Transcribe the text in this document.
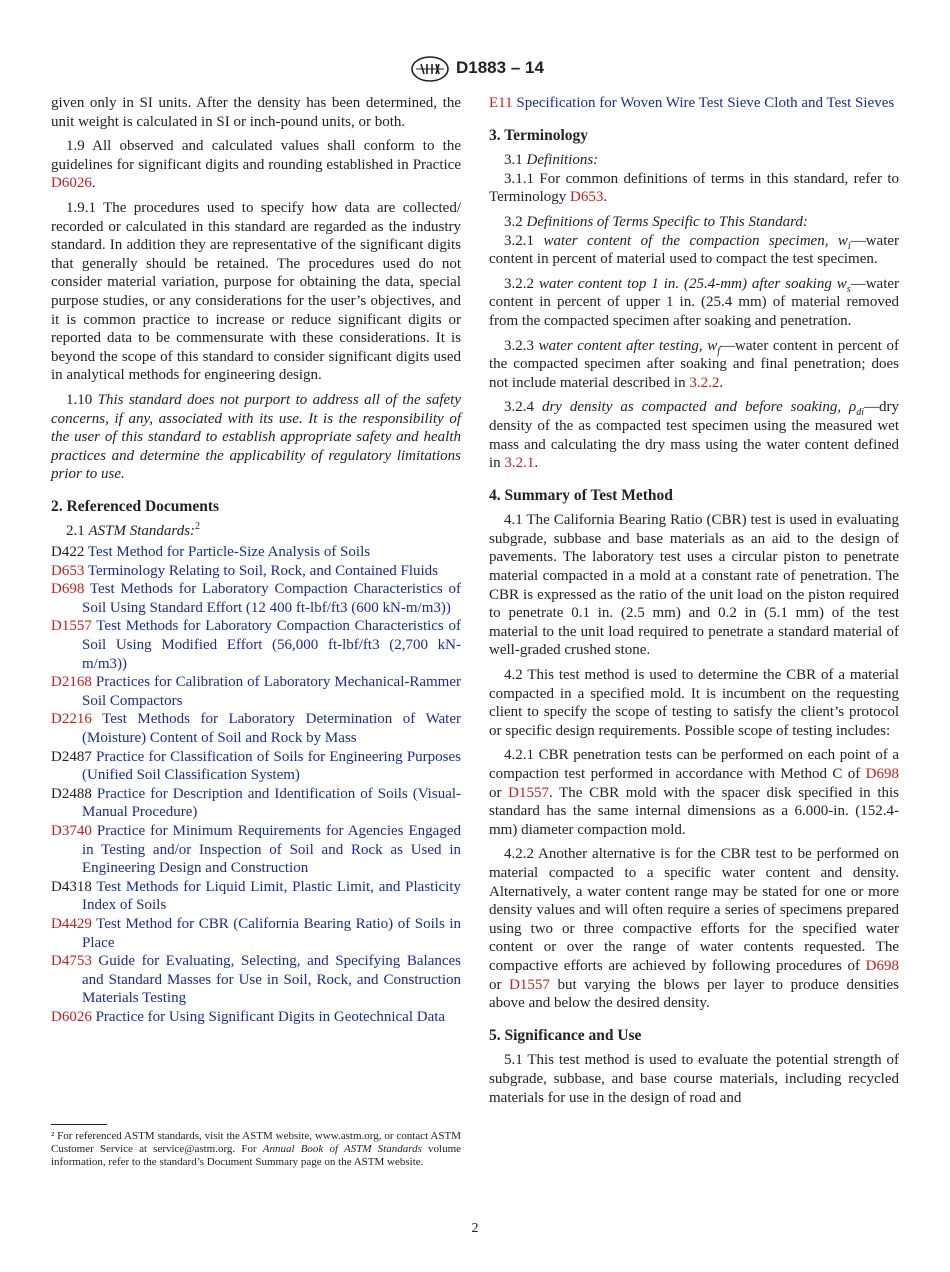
D1883 – 14

given only in SI units. After the density has been determined, the unit weight is calculated in SI or inch-pound units, or both.

1.9 All observed and calculated values shall conform to the guidelines for significant digits and rounding established in Practice D6026.

1.9.1 The procedures used to specify how data are collected/ recorded or calculated in this standard are regarded as the industry standard. In addition they are representative of the significant digits that generally should be retained. The procedures used do not consider material variation, purpose for obtaining the data, special purpose studies, or any considerations for the user’s objectives, and it is common practice to increase or reduce significant digits or reported data to be commensurate with these considerations. It is beyond the scope of this standard to consider significant digits used in analytical methods for engineering design.

1.10 This standard does not purport to address all of the safety concerns, if any, associated with its use. It is the responsibility of the user of this standard to establish appropriate safety and health practices and determine the applicability of regulatory limitations prior to use.

2. Referenced Documents

2.1 ASTM Standards:$^2$

D422 Test Method for Particle-Size Analysis of Soils

D653 Terminology Relating to Soil, Rock, and Contained Fluids

D698 Test Methods for Laboratory Compaction Characteristics of Soil Using Standard Effort (12 400 ft-lbf/ft3 (600 kN-m/m3))

D1557 Test Methods for Laboratory Compaction Characteristics of Soil Using Modified Effort (56,000 ft-lbf/ft3 (2,700 kN-m/m3))

D2168 Practices for Calibration of Laboratory Mechanical-Rammer Soil Compactors

D2216 Test Methods for Laboratory Determination of Water (Moisture) Content of Soil and Rock by Mass

D2487 Practice for Classification of Soils for Engineering Purposes (Unified Soil Classification System)

D2488 Practice for Description and Identification of Soils (Visual-Manual Procedure)

D3740 Practice for Minimum Requirements for Agencies Engaged in Testing and/or Inspection of Soil and Rock as Used in Engineering Design and Construction

D4318 Test Methods for Liquid Limit, Plastic Limit, and Plasticity Index of Soils

D4429 Test Method for CBR (California Bearing Ratio) of Soils in Place

D4753 Guide for Evaluating, Selecting, and Specifying Balances and Standard Masses for Use in Soil, Rock, and Construction Materials Testing

D6026 Practice for Using Significant Digits in Geotechnical Data

² For referenced ASTM standards, visit the ASTM website, www.astm.org, or contact ASTM Customer Service at service@astm.org. For Annual Book of ASTM Standards volume information, refer to the standard’s Document Summary page on the ASTM website.

E11 Specification for Woven Wire Test Sieve Cloth and Test Sieves

3. Terminology

3.1 Definitions:

3.1.1 For common definitions of terms in this standard, refer to Terminology D653.

3.2 Definitions of Terms Specific to This Standard:

3.2.1 water content of the compaction specimen, $w_i—water$ content in percent of material used to compact the test specimen.

3.2.2 water content top 1 in. (25.4-mm) after soaking $w_s—water$ content in percent of upper 1 in. (25.4 mm) of material removed from the compacted specimen after soaking and penetration.

3.2.3 water content after testing, $w_f—water$ content in percent of the compacted specimen after soaking and final penetration; does not include material described in 3.2.2.

3.2.4 dry density as compacted and before soaking, $\rho_{di}—dry$ density of the as compacted test specimen using the measured wet mass and calculating the dry mass using the water content defined in 3.2.1.

4. Summary of Test Method

4.1 The California Bearing Ratio (CBR) test is used in evaluating subgrade, subbase and base materials as an aid to the design of pavements. The laboratory test uses a circular piston to penetrate material compacted in a mold at a constant rate of penetration. The CBR is expressed as the ratio of the unit load on the piston required to penetrate 0.1 in. (2.5 mm) and 0.2 in (5.1 mm) of the test material to the unit load required to penetrate a standard material of well-graded crushed stone.

4.2 This test method is used to determine the CBR of a material compacted in a specified mold. It is incumbent on the requesting client to specify the scope of testing to satisfy the client’s protocol or specific design requirements. Possible scope of testing includes:

4.2.1 CBR penetration tests can be performed on each point of a compaction test performed in accordance with Method C of D698 or D1557. The CBR mold with the spacer disk specified in this standard has the same internal dimensions as a 6.000-in. (152.4-mm) diameter compaction mold.

4.2.2 Another alternative is for the CBR test to be performed on material compacted to a specific water content and density. Alternatively, a water content range may be stated for one or more density values and will often require a series of specimens prepared using two or three compactive efforts for the specified water content or over the range of water contents requested. The compactive efforts are achieved by following procedures of D698 or D1557 but varying the blows per layer to produce densities above and below the desired density.

5. Significance and Use

5.1 This test method is used to evaluate the potential strength of subgrade, subbase, and base course materials, including recycled materials for use in the design of road and

2
